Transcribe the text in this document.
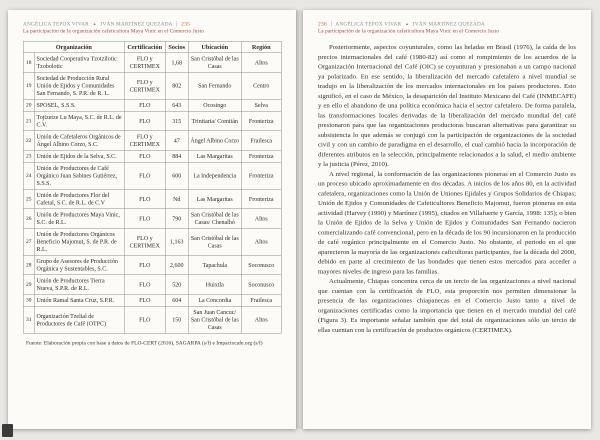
ANGÉLICA TEPOX VIVAR ▲ IVÁN MARTÍNEZ QUEZADA 235
La participación de la organización cafeticultora Maya Vinic en el Comercio Justo
Organización		Certificación	Socios	Ubicación	Región
18	Sociedad Cooperativa Tzotzilotic Tzobolotic	FLO y CERTIMEX	1,68	San Cristóbal de las Casas	Altos
19	Sociedad de Producción Rural Unión de Ejidos y Comunidades San Fernando, S. P.R. de R. L.	FLO y CERTIMEX	802	San Fernando	Centro
20	SPOSEL, S.S.S.	FLO	643	Ocosingo	Selva
21	Tojtzetze Lu Maya, S.C. de R.L. de C.V.	FLO	315	Trinitaria/ Comitán	Fronteriza
22	Unión de Cafetaleros Orgánicos de Ángel Albino Corzo, S.C.	FLO y CERTIMEX	47	Ángel Albino Corzo	Frailesca
23	Unión de Ejidos de la Selva, S.C.	FLO	884	Las Margaritas	Fronteriza
24	Unión de Productores de Café Orgánico Juan Sabines Gutiérrez, S.S.S.	FLO	600	La Independencia	Fronteriza
25	Unión de Productores Flor del Cafetal, S.C. de R.L. de C.V	FLO	Nd	Las Margaritas	Fronteriza
26	Unión de Productores Maya Vinic, S.C. de R.L.	FLO	790	San Cristóbal de las Casas/ Chenalhó	Altos
27	Unión de Productores Orgánicos Beneficio Majomut, S. de P.R. de R.L.	FLO y CERTIMEX	1,163	San Cristóbal de las Casas	Altos
28	Grupo de Asesores de Producción Orgánica y Sustentables, S.C.	FLO	2,600	Tapachula	Soconusco
29	Unión de Productores Tierra Nueva, S.P.R. de R.L.	FLO	520	Huixtla	Soconusco
30	Unión Ramal Santa Cruz, S.P.R.	FLO	604	La Concordia	Frailesca
31	Organización Tzeltal de Productores de Café (OTPC)	FLO	150	San Juan Cancuc/ San Cristóbal de las Casas	Altos
Fuente: Elaboración propia con base a datos de FLO-CERT (2016), SAGARPA (s/f) e Impactocafe.org (s/f)
236 ANGÉLICA TEPOX VIVAR ▲ IVÁN MARTÍNEZ QUEZADA
La participación de la organización cafeticultora Maya Vinic en el Comercio Justo

Posteriormente, aspectos coyunturales, como las heladas en Brasil (1976), la caída de los precios internacionales del café (1980-82) así como el rompimiento de los acuerdos de la Organización Internacional del Café (OIC) se coyunturan y presionaban a un campo nacional ya polarizado. En ese sentido, la liberalización del mercado cafetalero a nivel mundial se tradujo en la liberalización de los mercados internacionales en los países productores. Esto significó, en el caso de México, la desaparición del Instituto Mexicano del Café (INMECAFE) y en ello el abandono de una política económica hacia el sector cafetalero. De forma paralela, las transformaciones locales derivadas de la liberalización del mercado mundial del café presionaron para que las organizaciones productoras buscaran alternativas para garantizar su subsistencia lo que además se conjugó con la participación de organizaciones de la sociedad civil y con un cambio de paradigma en el desarrollo, el cual cambió hacia la incorporación de diferentes atributos en la selección, principalmente relacionados a la salud, el medio ambiente y la justicia (Pérez, 2010).

A nivel regional, la conformación de las organizaciones pioneras en el Comercio Justo es un proceso ubicado aproximadamente en dos décadas. A inicios de los años 80, en la actividad cafetalera, organizaciones como la Unión de Uniones Ejidales y Grupos Solidarios de Chiapas; Unión de Ejidos y Comunidades de Cafeticultores Beneficio Majomut, fueron pioneras en esta actividad (Harvey (1990) y Martínez (1995), citados en Villafuerte y García, 1998: 135); o bien la Unión de Ejidos de la Selva y Unión de Ejidos y Comunidades San Fernando nacieron comercializando café convencional, pero en la década de los 90 incursionaron en la producción de café orgánico principalmente en el Comercio Justo. No obstante, el periodo en el que aparecieron la mayoría de las organizaciones caficultoras participantes, fue la década del 2000, debido en parte al crecimiento de las bondades que tienen estos mercados para acceder a mayores niveles de ingreso para las familias.

Actualmente, Chiapas concentra cerca de un tercio de las organizaciones a nivel nacional que cuentan con la certificación de FLO, esta proporción nos permiten dimensionar la presencia de las organizaciones chiapanecas en el Comercio Justo tanto a nivel de organizaciones certificadas como la importancia que tienen en el mercado mundial del café (Figura 3). Es importante señalar también que del total de organizaciones sólo un tercio de ellas cuentan con la certificación de productos orgánicos (CERTIMEX).
